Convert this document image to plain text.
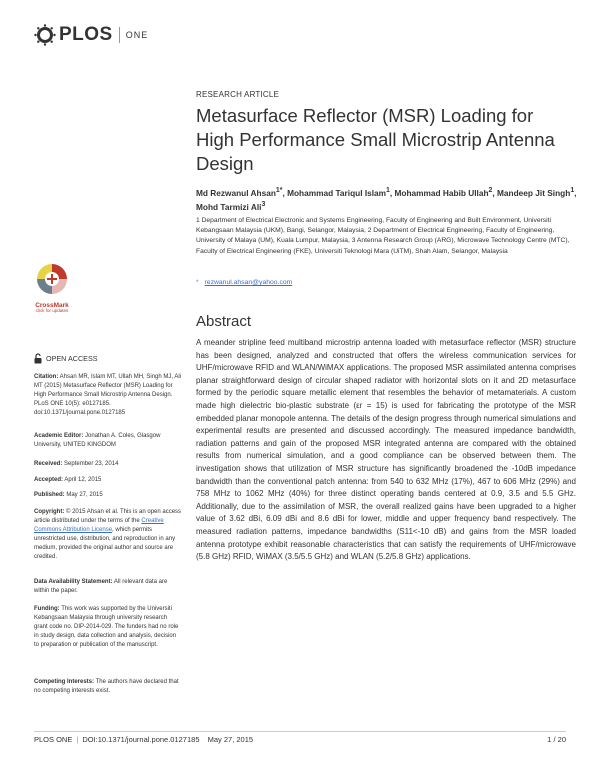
PLOS ONE
RESEARCH ARTICLE
Metasurface Reflector (MSR) Loading for High Performance Small Microstrip Antenna Design
Md Rezwanul Ahsan$^{1*}$, Mohammad Tariqul Islam$^1$, Mohammad Habib Ullah$^2$, Mandeep Jit Singh$^1$, Mohd Tarmizi Ali$^3$
1 Department of Electrical Electronic and Systems Engineering, Faculty of Engineering and Built Environment, Universiti Kebangsaan Malaysia (UKM), Bangi, Selangor, Malaysia, 2 Department of Electrical Engineering, Faculty of Engineering, University of Malaya (UM), Kuala Lumpur, Malaysia, 3 Antenna Research Group (ARG), Microwave Technology Centre (MTC), Faculty of Electrical Engineering (FKE), Universiti Teknologi Mara (UiTM), Shah Alam, Selangor, Malaysia
* rezwanul.ahsan@yahoo.com
CrossMark
click for updates
Abstract
A meander stripline feed multiband microstrip antenna loaded with metasurface reflector (MSR) structure has been designed, analyzed and constructed that offers the wireless communication services for UHF/microwave RFID and WLAN/WiMAX applications. The proposed MSR assimilated antenna comprises planar straightforward design of circular shaped radiator with horizontal slots on it and 2D metasurface formed by the periodic square metallic element that resembles the behavior of metamaterials. A custom made high dielectric bio-plastic substrate (εr = 15) is used for fabricating the prototype of the MSR embedded planar monopole antenna. The details of the design progress through numerical simulations and experimental results are presented and discussed accordingly. The measured impedance bandwidth, radiation patterns and gain of the proposed MSR integrated antenna are compared with the obtained results from numerical simulation, and a good compliance can be observed between them. The investigation shows that utilization of MSR structure has significantly broadened the -10dB impedance bandwidth than the conventional patch antenna: from 540 to 632 MHz (17%), 467 to 606 MHz (29%) and 758 MHz to 1062 MHz (40%) for three distinct operating bands centered at 0.9, 3.5 and 5.5 GHz. Additionally, due to the assimilation of MSR, the overall realized gains have been upgraded to a higher value of 3.62 dBi, 6.09 dBi and 8.6 dBi for lower, middle and upper frequency band respectively. The measured radiation patterns, impedance bandwidths (S11<-10 dB) and gains from the MSR loaded antenna prototype exhibit reasonable characteristics that can satisfy the requirements of UHF/microwave (5.8 GHz) RFID, WiMAX (3.5/5.5 GHz) and WLAN (5.2/5.8 GHz) applications.
OPEN ACCESS
Citation: Ahsan MR, Islam MT, Ullah MH, Singh MJ, Ali MT (2015) Metasurface Reflector (MSR) Loading for High Performance Small Microstrip Antenna Design. PLoS ONE 10(5): e0127185. doi:10.1371/journal.pone.0127185
Academic Editor: Jonathan A. Coles, Glasgow University, UNITED KINGDOM
Received: September 23, 2014
Accepted: April 12, 2015
Published: May 27, 2015
Copyright: © 2015 Ahsan et al. This is an open access article distributed under the terms of the Creative Commons Attribution License, which permits unrestricted use, distribution, and reproduction in any medium, provided the original author and source are credited.
Data Availability Statement: All relevant data are within the paper.
Funding: This work was supported by the Universiti Kebangsaan Malaysia through university research grant code no. DIP-2014-029. The funders had no role in study design, data collection and analysis, decision to preparation or publication of the manuscript.
Competing Interests: The authors have declared that no competing interests exist.
PLOS ONE | DOI:10.1371/journal.pone.0127185 May 27, 2015	1 / 20
